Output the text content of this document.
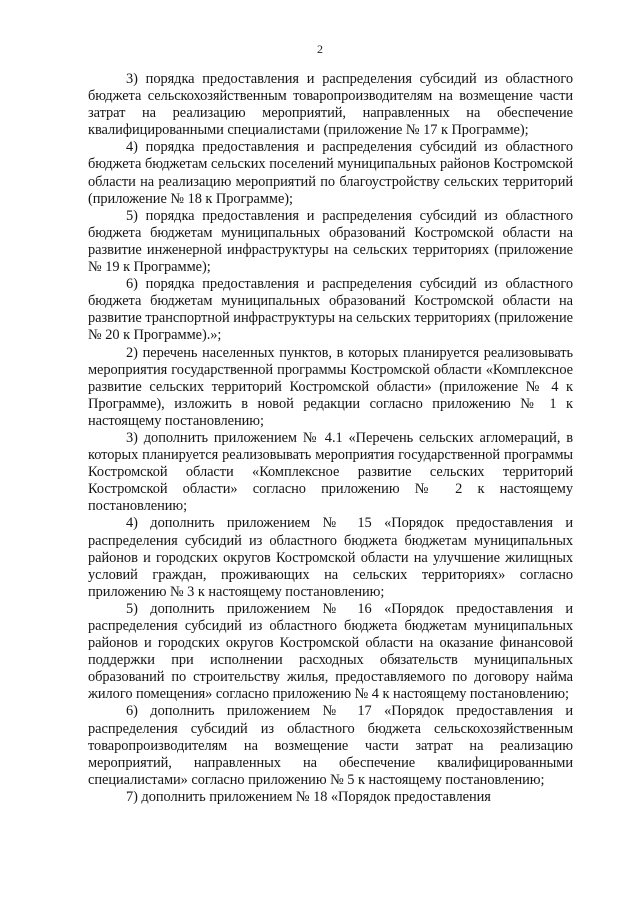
2

3) порядка предоставления и распределения субсидий из областного бюджета сельскохозяйственным товаропроизводителям на возмещение части затрат на реализацию мероприятий, направленных на обеспечение квалифицированными специалистами (приложение № 17 к Программе);

4) порядка предоставления и распределения субсидий из областного бюджета бюджетам сельских поселений муниципальных районов Костромской области на реализацию мероприятий по благоустройству сельских территорий (приложение № 18 к Программе);

5) порядка предоставления и распределения субсидий из областного бюджета бюджетам муниципальных образований Костромской области на развитие инженерной инфраструктуры на сельских территориях (приложение № 19 к Программе);

6) порядка предоставления и распределения субсидий из областного бюджета бюджетам муниципальных образований Костромской области на развитие транспортной инфраструктуры на сельских территориях (приложение № 20 к Программе).»;

2) перечень населенных пунктов, в которых планируется реализовывать мероприятия государственной программы Костромской области «Комплексное развитие сельских территорий Костромской области» (приложение № 4 к Программе), изложить в новой редакции согласно приложению № 1 к настоящему постановлению;

3) дополнить приложением № 4.1 «Перечень сельских агломераций, в которых планируется реализовывать мероприятия государственной программы Костромской области «Комплексное развитие сельских территорий Костромской области» согласно приложению № 2 к настоящему постановлению;

4) дополнить приложением № 15 «Порядок предоставления и распределения субсидий из областного бюджета бюджетам муниципальных районов и городских округов Костромской области на улучшение жилищных условий граждан, проживающих на сельских территориях» согласно приложению № 3 к настоящему постановлению;

5) дополнить приложением № 16 «Порядок предоставления и распределения субсидий из областного бюджета бюджетам муниципальных районов и городских округов Костромской области на оказание финансовой поддержки при исполнении расходных обязательств муниципальных образований по строительству жилья, предоставляемого по договору найма жилого помещения» согласно приложению № 4 к настоящему постановлению;

6) дополнить приложением № 17 «Порядок предоставления и распределения субсидий из областного бюджета сельскохозяйственным товаропроизводителям на возмещение части затрат на реализацию мероприятий, направленных на обеспечение квалифицированными специалистами» согласно приложению № 5 к настоящему постановлению;

7) дополнить приложением № 18 «Порядок предоставления
